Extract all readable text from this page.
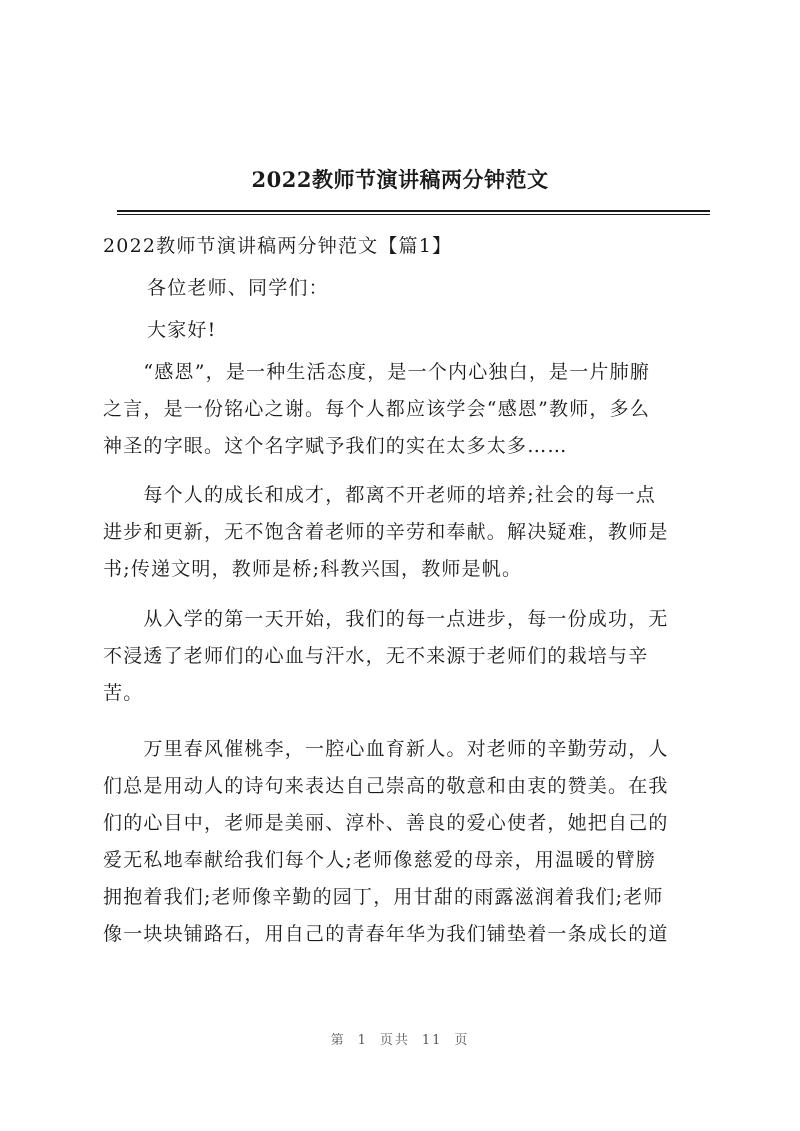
2022教师节演讲稿两分钟范文
2022教师节演讲稿两分钟范文【篇1】
各位老师、同学们：
大家好!
　　“感恩”，是一种生活态度，是一个内心独白，是一片肺腑
之言，是一份铭心之谢。每个人都应该学会“感恩”教师，多么
神圣的字眼。这个名字赋予我们的实在太多太多……
　　每个人的成长和成才，都离不开老师的培养;社会的每一点
进步和更新，无不饱含着老师的辛劳和奉献。解决疑难，教师是
书;传递文明，教师是桥;科教兴国，教师是帆。
　　从入学的第一天开始，我们的每一点进步，每一份成功，无
不浸透了老师们的心血与汗水，无不来源于老师们的栽培与辛
苦。
　　万里春风催桃李，一腔心血育新人。对老师的辛勤劳动，人
们总是用动人的诗句来表达自己崇高的敬意和由衷的赞美。在我
们的心目中，老师是美丽、淳朴、善良的爱心使者，她把自己的
爱无私地奉献给我们每个人;老师像慈爱的母亲，用温暖的臂膀
拥抱着我们;老师像辛勤的园丁，用甘甜的雨露滋润着我们;老师
像一块块铺路石，用自己的青春年华为我们铺垫着一条成长的道
第 1 页共 11 页
